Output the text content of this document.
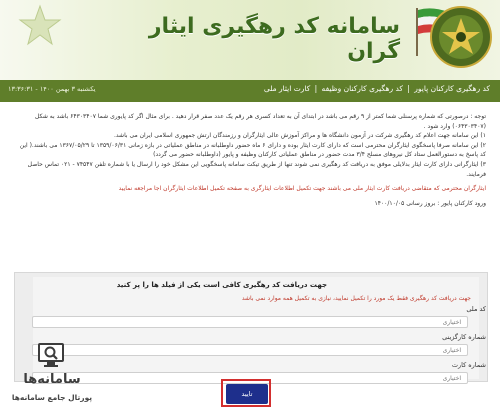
سامانه کد رهگیری ایثار گران
کد رهگیری کارکنان پایور | کد رهگیری کارکنان وظیفه | کارت ایثار ملی
یکشنبه ۳ بهمن ۱۴۰۰ - ۱۳:۳۶:۳۱

توجه : درصورتی که شماره پرسنلی شما کمتر از ۹ رقم می باشد در ابتدای آن به تعداد کسری هر رقم یک عدد صفر قرار دهید . برای مثال اگر کد پایوری شما ۶۴۳۰۳۴۰۷ باشد به شکل

(۰۶۴۳۰۳۴۰۷) وارد شود .

۱) این سامانه جهت اعلام کد رهگیری شرکت در آزمون دانشگاه ها و مراکز آموزش عالی ایثارگران و رزمندگان ارتش جمهوری اسلامی ایران می باشد.

۲) این سامانه صرفا پاسخگوی ایثارگران محترمی است که دارای کارت ایثار بوده و دارای ۶ ماه حضور داوطلبانه در مناطق عملیاتی در بازه زمانی ۱۳۵۹/۰۶/۳۱ تا ۱۳۶۷/۰۵/۲۹ می باشند.( این

کد پاسخ به دستورالعمل ستاد کل نیروهای مسلح ۳/۴ مدت حضور در مناطق عملیاتی کارکنان وظیفه و پایور (داوطلبانه حضور می گردد)

۳) ایثارگرانی دارای کارت ایثار بدلایلی موفق به دریافت کد رهگیری نمی شوند تنها از طریق تیکت سامانه پاسخگویی این مشکل خود را ارسال یا با شماره تلفن ۷۴۵۴۷ - ۰۲۱ تماس حاصل

فرمایند.

ایثارگران محترمی که متقاضی دریافت کارت ایثار ملی می باشند جهت تکمیل اطلاعات ایثارگری به صفحه تکمیل اطلاعات ایثارگران اجا مراجعه نمایید

ورود کارکنان پایور : بروز رسانی ۱۴۰۰/۱۰/۰۵

جهت دریافت کد رهگیری کافی است یکی از فیلد ها را پر کنید
جهت دریافت کد رهگیری فقط یک مورد را تکمیل نمایید، نیازی به تکمیل همه موارد نمی باشد
کد ملی
اختیاری
شماره کارگزینی
اختیاری
شماره کارت
اختیاری
تایید
سامانه‌ها
پورتال جامع سامانه‌ها
